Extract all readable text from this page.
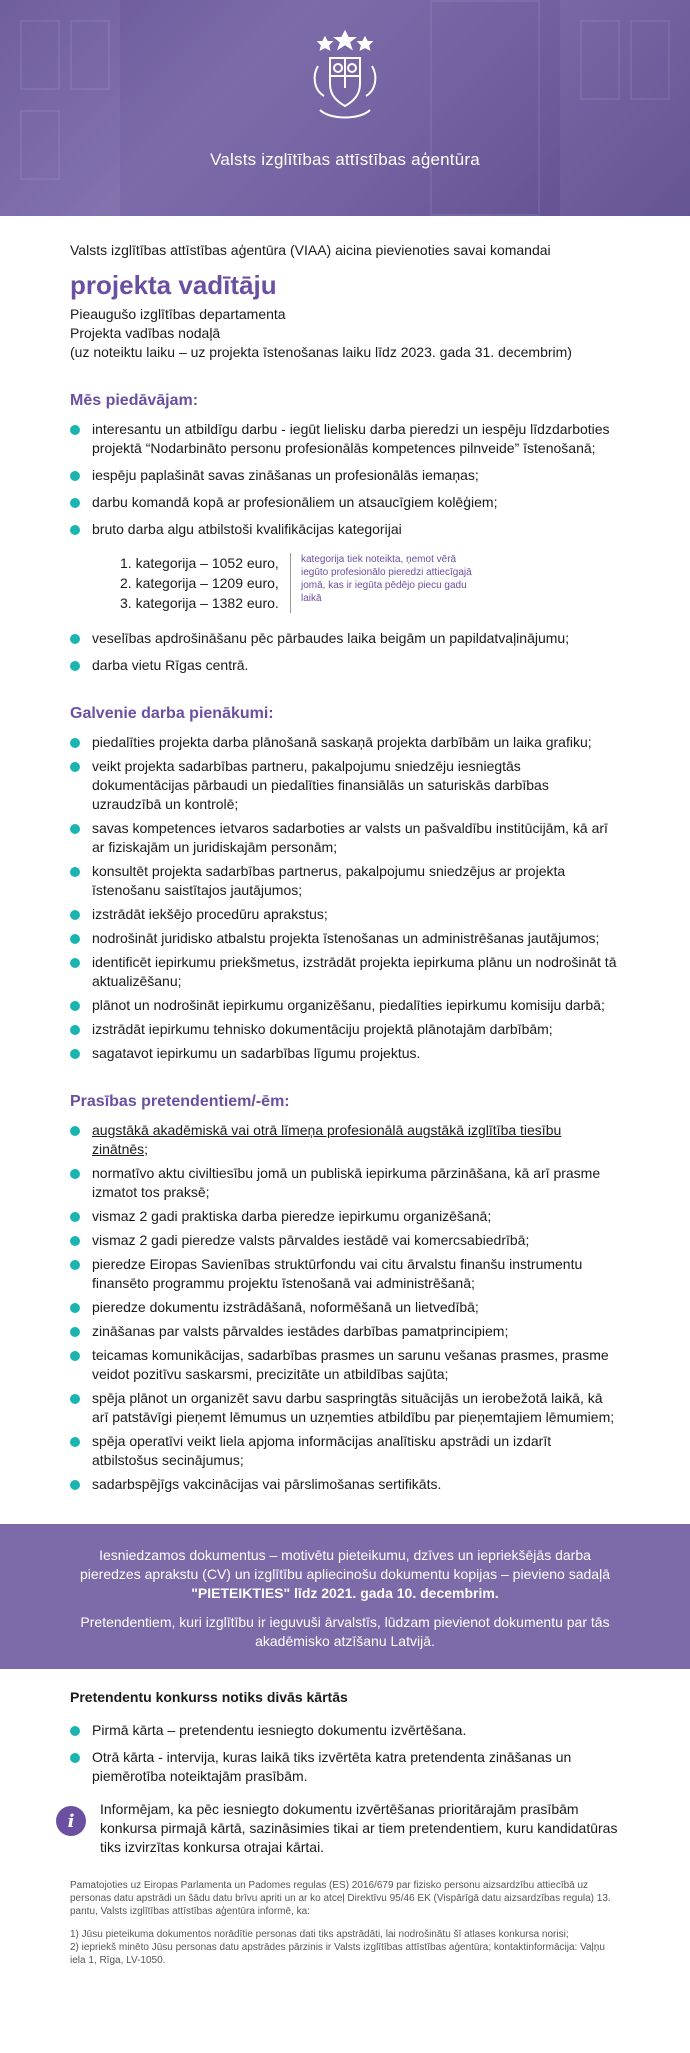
Valsts izglītības attīstības aģentūra

Valsts izglītības attīstības aģentūra (VIAA) aicina pievienoties savai komandai

projekta vadītāju
Pieaugušo izglītības departamenta
Projekta vadības nodaļā
(uz noteiktu laiku – uz projekta īstenošanas laiku līdz 2023. gada 31. decembrim)
Mēs piedāvājam:
interesantu un atbildīgu darbu - iegūt lielisku darba pieredzi un iespēju līdzdarboties projektā “Nodarbināto personu profesionālās kompetences pilnveide” īstenošanā;
iespēju paplašināt savas zināšanas un profesionālās iemaņas;
darbu komandā kopā ar profesionāliem un atsaucīgiem kolēģiem;
bruto darba algu atbilstoši kvalifikācijas kategorijai
1. kategorija – 1052 euro,
2. kategorija – 1209 euro,
3. kategorija – 1382 euro.
kategorija tiek noteikta, ņemot vērā iegūto profesionālo pieredzi attiecīgajā jomā, kas ir iegūta pēdējo piecu gadu laikā
veselības apdrošināšanu pēc pārbaudes laika beigām un papildatvaļinājumu;
darba vietu Rīgas centrā.
Galvenie darba pienākumi:
piedalīties projekta darba plānošanā saskaņā projekta darbībām un laika grafiku;
veikt projekta sadarbības partneru, pakalpojumu sniedzēju iesniegtās dokumentācijas pārbaudi un piedalīties finansiālās un saturiskās darbības uzraudzībā un kontrolē;
savas kompetences ietvaros sadarboties ar valsts un pašvaldību institūcijām, kā arī ar fiziskajām un juridiskajām personām;
konsultēt projekta sadarbības partnerus, pakalpojumu sniedzējus ar projekta īstenošanu saistītajos jautājumos;
izstrādāt iekšējo procedūru aprakstus;
nodrošināt juridisko atbalstu projekta īstenošanas un administrēšanas jautājumos;
identificēt iepirkumu priekšmetus, izstrādāt projekta iepirkuma plānu un nodrošināt tā aktualizēšanu;
plānot un nodrošināt iepirkumu organizēšanu, piedalīties iepirkumu komisiju darbā;
izstrādāt iepirkumu tehnisko dokumentāciju projektā plānotajām darbībām;
sagatavot iepirkumu un sadarbības līgumu projektus.
Prasības pretendentiem/-ēm:
augstākā akadēmiskā vai otrā līmeņa profesionālā augstākā izglītība tiesību zinātnēs;
normatīvo aktu civiltiesību jomā un publiskā iepirkuma pārzināšana, kā arī prasme izmatot tos praksē;
vismaz 2 gadi praktiska darba pieredze iepirkumu organizēšanā;
vismaz 2 gadi pieredze valsts pārvaldes iestādē vai komercsabiedrībā;
pieredze Eiropas Savienības struktūrfondu vai citu ārvalstu finanšu instrumentu finansēto programmu projektu īstenošanā vai administrēšanā;
pieredze dokumentu izstrādāšanā, noformēšanā un lietvedībā;
zināšanas par valsts pārvaldes iestādes darbības pamatprincipiem;
teicamas komunikācijas, sadarbības prasmes un sarunu vešanas prasmes, prasme veidot pozitīvu saskarsmi, precizitāte un atbildības sajūta;
spēja plānot un organizēt savu darbu saspringtās situācijās un ierobežotā laikā, kā arī patstāvīgi pieņemt lēmumus un uzņemties atbildību par pieņemtajiem lēmumiem;
spēja operatīvi veikt liela apjoma informācijas analītisku apstrādi un izdarīt atbilstošus secinājumus;
sadarbspējīgs vakcinācijas vai pārslimošanas sertifikāts.

Iesniedzamos dokumentus – motivētu pieteikumu, dzīves un iepriekšējās darba pieredzes aprakstu (CV) un izglītību apliecinošu dokumentu kopijas – pievieno sadaļā "PIETEIKTIES" līdz 2021. gada 10. decembrim.

Pretendentiem, kuri izglītību ir ieguvuši ārvalstīs, lūdzam pievienot dokumentu par tās akadēmisko atzīšanu Latvijā.

Pretendentu konkurss notiks divās kārtās
Pirmā kārta – pretendentu iesniegto dokumentu izvērtēšana.
Otrā kārta - intervija, kuras laikā tiks izvērtēta katra pretendenta zināšanas un piemērotība noteiktajām prasībām.
i

Informējam, ka pēc iesniegto dokumentu izvērtēšanas prioritārajām prasībām konkursa pirmajā kārtā, sazināsimies tikai ar tiem pretendentiem, kuru kandidatūras tiks izvirzītas konkursa otrajai kārtai.

Pamatojoties uz Eiropas Parlamenta un Padomes regulas (ES) 2016/679 par fizisko personu aizsardzību attiecībā uz personas datu apstrādi un šādu datu brīvu apriti un ar ko atceļ Direktīvu 95/46 EK (Vispārīgā datu aizsardzības regula) 13. pantu, Valsts izglītības attīstības aģentūra informē, ka:

1) Jūsu pieteikuma dokumentos norādītie personas dati tiks apstrādāti, lai nodrošinātu šī atlases konkursa norisi;
2) iepriekš minēto Jūsu personas datu apstrādes pārzinis ir Valsts izglītības attīstības aģentūra; kontaktinformācija: Vaļņu iela 1, Rīga, LV-1050.
